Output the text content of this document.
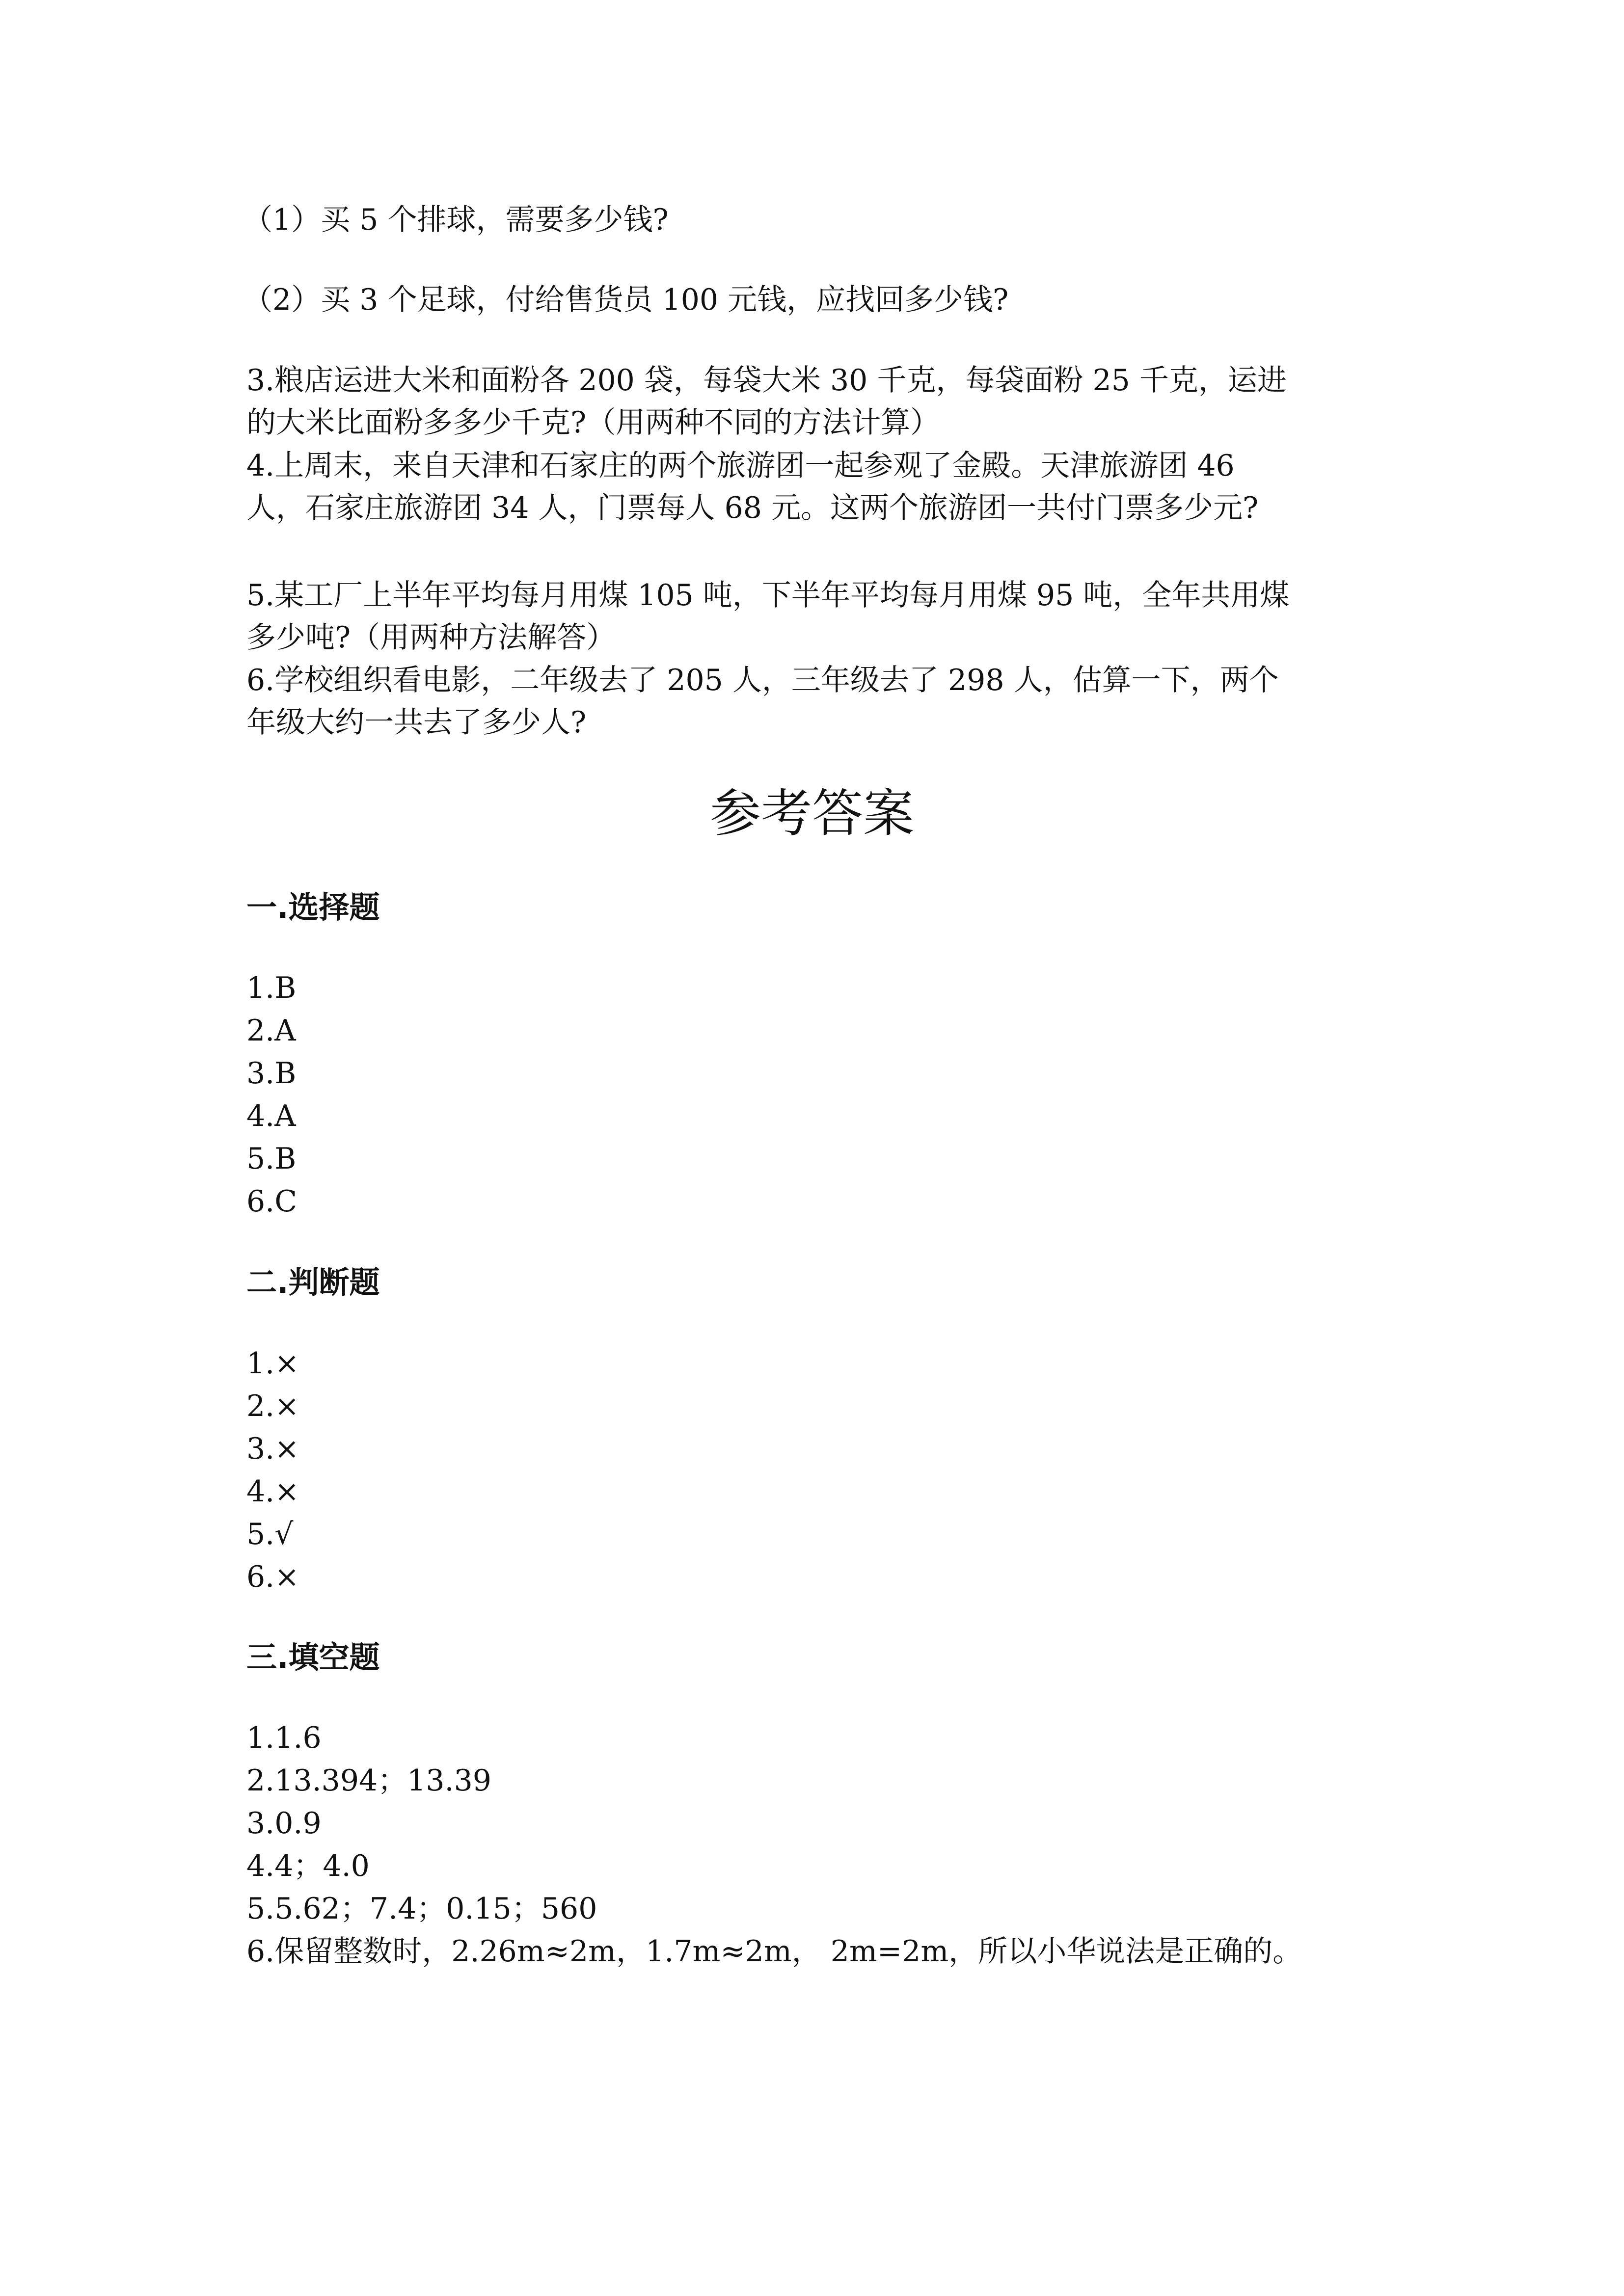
（1）买 5 个排球，需要多少钱?
（2）买 3 个足球，付给售货员 100 元钱，应找回多少钱?
3.粮店运进大米和面粉各 200 袋，每袋大米 30 千克，每袋面粉 25 千克，运进
的大米比面粉多多少千克?（用两种不同的方法计算）
4.上周末，来自天津和石家庄的两个旅游团一起参观了金殿。天津旅游团 46
人，石家庄旅游团 34 人，门票每人 68 元。这两个旅游团一共付门票多少元?
5.某工厂上半年平均每月用煤 105 吨，下半年平均每月用煤 95 吨，全年共用煤
多少吨?（用两种方法解答）
6.学校组织看电影，二年级去了 205 人，三年级去了 298 人，估算一下，两个
年级大约一共去了多少人?
参考答案
一.选择题
1.B
2.A
3.B
4.A
5.B
6.C
二.判断题
1.×
2.×
3.×
4.×
5.√
6.×
三.填空题
1.1.6
2.13.394；13.39
3.0.9
4.4；4.0
5.5.62；7.4；0.15；560
6.保留整数时，2.26m≈2m，1.7m≈2m， 2m=2m，所以小华说法是正确的。
